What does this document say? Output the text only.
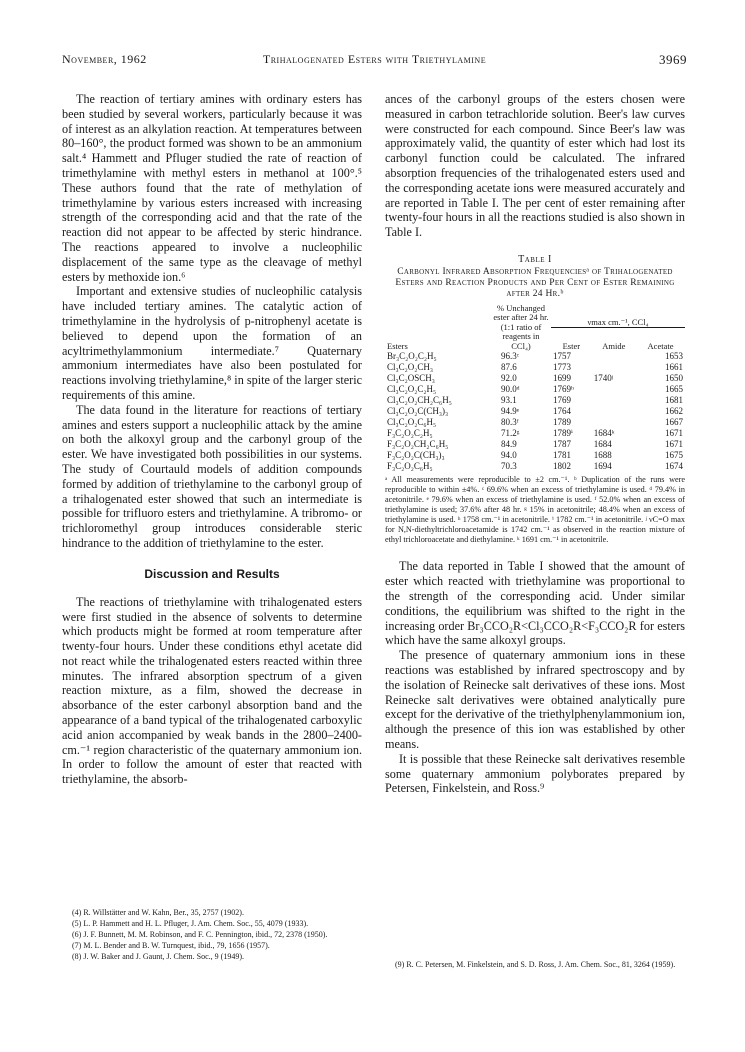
November, 1962	Trihalogenated Esters with Triethylamine	3969

The reaction of tertiary amines with ordinary esters has been studied by several workers, particularly because it was of interest as an alkylation reaction. At temperatures between 80–160°, the product formed was shown to be an ammonium salt.⁴ Hammett and Pfluger studied the rate of reaction of trimethylamine with methyl esters in methanol at 100°.⁵ These authors found that the rate of methylation of trimethylamine by various esters increased with increasing strength of the corresponding acid and that the rate of the reaction did not appear to be affected by steric hindrance. The reactions appeared to involve a nucleophilic displacement of the same type as the cleavage of methyl esters by methoxide ion.⁶

Important and extensive studies of nucleophilic catalysis have included tertiary amines. The catalytic action of trimethylamine in the hydrolysis of p-nitrophenyl acetate is believed to depend upon the formation of an acyltrimethylammonium intermediate.⁷ Quaternary ammonium intermediates have also been postulated for reactions involving triethylamine,⁸ in spite of the larger steric requirements of this amine.

The data found in the literature for reactions of tertiary amines and esters support a nucleophilic attack by the amine on both the alkoxyl group and the carbonyl group of the ester. We have investigated both possibilities in our systems. The study of Courtauld models of addition compounds formed by addition of triethylamine to the carbonyl group of a trihalogenated ester showed that such an intermediate is possible for trifluoro esters and triethylamine. A tribromo- or trichloromethyl group introduces considerable steric hindrance to the addition of triethylamine to the ester.

Discussion and Results

The reactions of triethylamine with trihalogenated esters were first studied in the absence of solvents to determine which products might be formed at room temperature after twenty-four hours. Under these conditions ethyl acetate did not react while the trihalogenated esters reacted within three minutes. The infrared absorption spectrum of a given reaction mixture, as a film, showed the decrease in absorbance of the ester carbonyl absorption band and the appearance of a band typical of the trihalogenated carboxylic acid anion accompanied by weak bands in the 2800–2400-cm.⁻¹ region characteristic of the quaternary ammonium ion. In order to follow the amount of ester that reacted with triethylamine, the absorb-

(4) R. Willstätter and W. Kahn, Ber., 35, 2757 (1902).

(5) L. P. Hammett and H. L. Pfluger, J. Am. Chem. Soc., 55, 4079 (1933).

(6) J. F. Bunnett, M. M. Robinson, and F. C. Pennington, ibid., 72, 2378 (1950).

(7) M. L. Bender and B. W. Turnquest, ibid., 79, 1656 (1957).

(8) J. W. Baker and J. Gaunt, J. Chem. Soc., 9 (1949).

ances of the carbonyl groups of the esters chosen were measured in carbon tetrachloride solution. Beer's law curves were constructed for each compound. Since Beer's law was approximately valid, the quantity of ester which had lost its carbonyl function could be calculated. The infrared absorption frequencies of the trihalogenated esters used and the corresponding acetate ions were measured accurately and are reported in Table I. The per cent of ester remaining after twenty-four hours in all the reactions studied is also shown in Table I.

Table I
Carbonyl Infrared Absorption Frequenciesᵃ of Trihalogenated Esters and Reaction Products and Per Cent of Ester Remaining after 24 Hr.ᵇ
Esters	% Unchanged ester after 24 hr. (1:1 ratio of reagents in CCl₄)	νmax cm.⁻¹, CCl₄		
		Ester	Amide	Acetate
Br₃C₂O₂C₂H₅	96.3ᶜ	1757		1653
Cl₃C₂O₂CH₃	87.6	1773		1661
Cl₃C₂OSCH₃	92.0	1699	1740ʲ	1650
Cl₃C₂O₂C₂H₅	90.0ᵈ	1769ʰ		1665
Cl₃C₂O₂CH₂C₆H₅	93.1	1769		1681
Cl₃C₂O₂C(CH₃)₃	94.9ᵉ	1764		1662
Cl₃C₂O₂C₆H₅	80.3ᶠ	1789		1667
F₃C₂O₂C₂H₅	71.2ᵍ	1789ⁱ	1684ᵏ	1671
F₃C₂O₂CH₂C₆H₅	84.9	1787	1684	1671
F₃C₂O₂C(CH₃)₃	94.0	1781	1688	1675
F₃C₂O₂C₆H₅	70.3	1802	1694	1674

ᵃ All measurements were reproducible to ±2 cm.⁻¹. ᵇ Duplication of the runs were reproducible to within ±4%. ᶜ 69.6% when an excess of triethylamine is used. ᵈ 79.4% in acetonitrile. ᵉ 79.6% when an excess of triethylamine is used. ᶠ 52.0% when an excess of triethylamine is used; 37.6% after 48 hr. ᵍ 15% in acetonitrile; 48.4% when an excess of triethylamine is used. ʰ 1758 cm.⁻¹ in acetonitrile. ⁱ 1782 cm.⁻¹ in acetonitrile. ʲ νC=O max for N,N-diethyltrichloroacetamide is 1742 cm.⁻¹ as observed in the reaction mixture of ethyl trichloroacetate and diethylamine. ᵏ 1691 cm.⁻¹ in acetonitrile.

The data reported in Table I showed that the amount of ester which reacted with triethylamine was proportional to the strength of the corresponding acid. Under similar conditions, the equilibrium was shifted to the right in the increasing order Br₃CCO₂R<Cl₃CCO₂R<F₃CCO₂R for esters which have the same alkoxyl groups.

The presence of quaternary ammonium ions in these reactions was established by infrared spectroscopy and by the isolation of Reinecke salt derivatives of these ions. Most Reinecke salt derivatives were obtained analytically pure except for the derivative of the triethylphenylammonium ion, although the presence of this ion was established by other means.

It is possible that these Reinecke salt derivatives resemble some quaternary ammonium polyborates prepared by Petersen, Finkelstein, and Ross.⁹

(9) R. C. Petersen, M. Finkelstein, and S. D. Ross, J. Am. Chem. Soc., 81, 3264 (1959).
